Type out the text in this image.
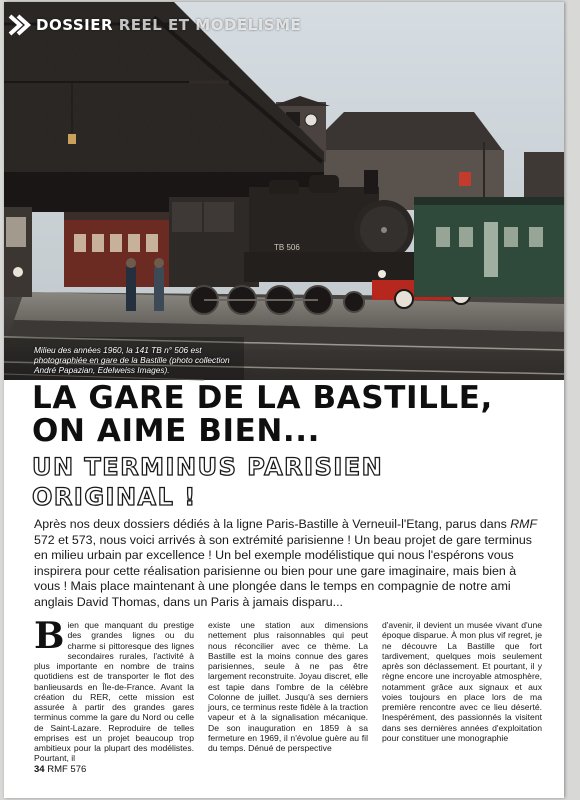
TB 506
DOSSIER REEL ET MODELISME
Milieu des années 1960, la 141 TB n° 506 est photographiée en gare de la Bastille (photo collection André Papazian, Edelweiss Images).
LA GARE DE LA BASTILLE,
ON AIME BIEN...
UN TERMINUS PARISIEN
ORIGINAL !

Après nos deux dossiers dédiés à la ligne Paris-Bastille à Verneuil-l'Etang, parus dans RMF 572 et 573, nous voici arrivés à son extrémité parisienne ! Un beau projet de gare terminus en milieu urbain par excellence ! Un bel exemple modélistique qui nous l'espérons vous inspirera pour cette réalisation parisienne ou bien pour une gare imaginaire, mais bien à vous ! Mais place maintenant à une plongée dans le temps en compagnie de notre ami anglais David Thomas, dans un Paris à jamais disparu...

Bien que manquant du prestige des grandes lignes ou du charme si pittoresque des lignes secondaires rurales, l'activité à plus importante en nombre de trains quotidiens est de transporter le flot des banlieusards en Île-de-France. Avant la création du RER, cette mission est assurée à partir des grandes gares terminus comme la gare du Nord ou celle de Saint-Lazare. Reproduire de telles emprises est un projet beaucoup trop ambitieux pour la plupart des modélistes. Pourtant, il
existe une station aux dimensions nettement plus raisonnables qui peut nous réconcilier avec ce thème. La Bastille est la moins connue des gares parisiennes, seule à ne pas être largement reconstruite. Joyau discret, elle est tapie dans l'ombre de la célèbre Colonne de juillet. Jusqu'à ses derniers jours, ce terminus reste fidèle à la traction vapeur et à la signalisation mécanique. De son inauguration en 1859 à sa fermeture en 1969, il n'évolue guère au fil du temps. Dénué de perspective
d'avenir, il devient un musée vivant d'une époque disparue. À mon plus vif regret, je ne découvre La Bastille que fort tardivement, quelques mois seulement après son déclassement. Et pourtant, il y règne encore une incroyable atmosphère, notamment grâce aux signaux et aux voies toujours en place lors de ma première rencontre avec ce lieu déserté. Inespérément, des passionnés la visitent dans ses dernières années d'exploitation pour constituer une monographie
34 RMF 576
